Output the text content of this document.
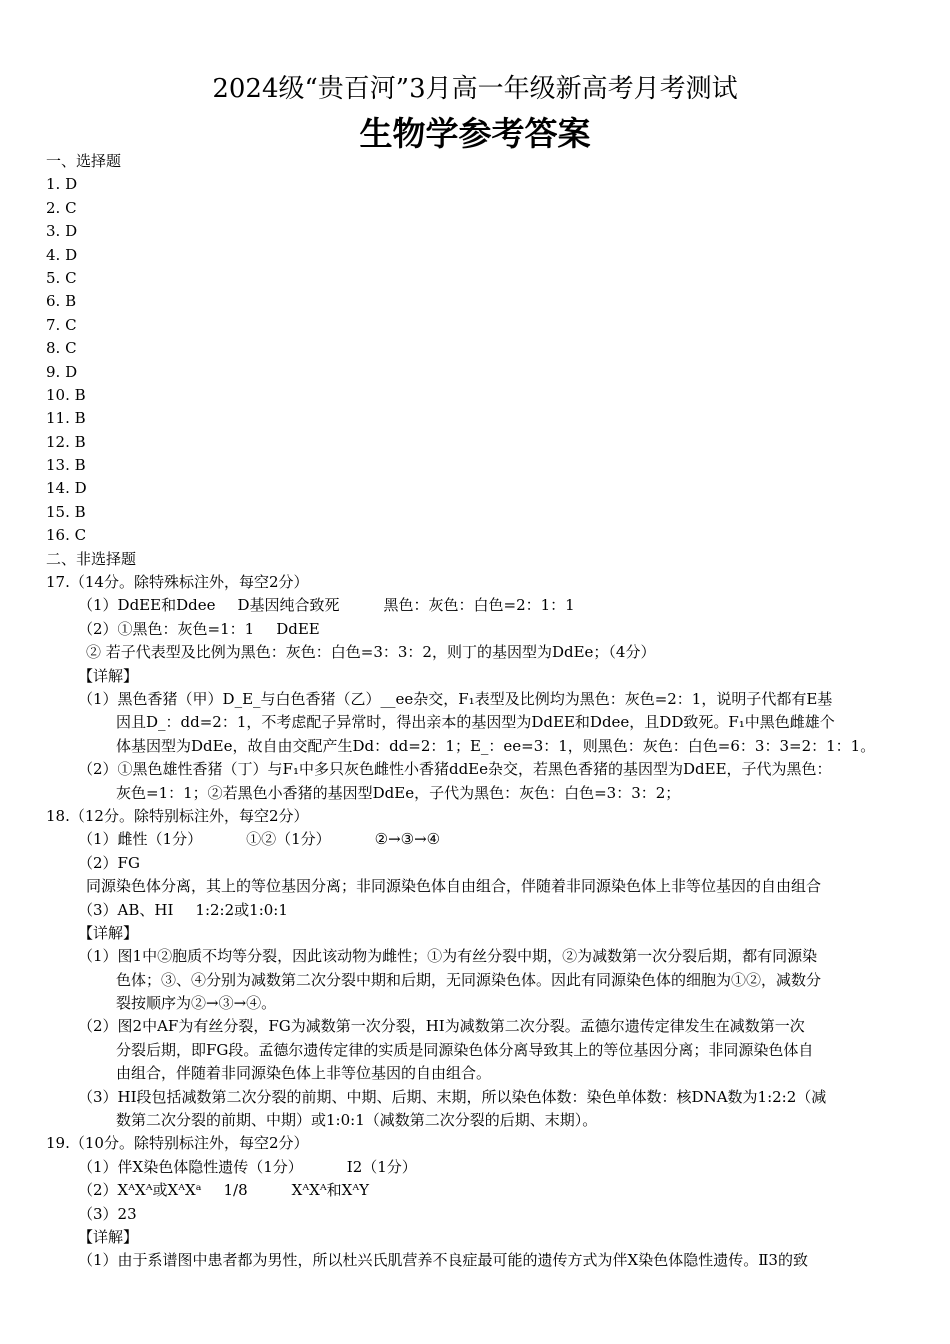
2024级“贵百河”3月高一年级新高考月考测试
生物学参考答案
一、选择题
1. D
2. C
3. D
4. D
5. C
6. B
7. C
8. C
9. D
10. B
11. B
12. B
13. B
14. D
15. B
16. C
二、非选择题
17.（14分。除特殊标注外，每空2分）
（1）DdEE和Ddee D基因纯合致死	黑色：灰色：白色=2：1：1
（2）①黑色：灰色=1：1 DdEE
② 若子代表型及比例为黑色：灰色：白色=3：3：2，则丁的基因型为DdEe；（4分）
【详解】
（1）黑色香猪（甲）D_E_与白色香猪（乙）__ee杂交，F₁表型及比例均为黑色：灰色=2：1，说明子代都有E基
因且D_：dd=2：1，不考虑配子异常时，得出亲本的基因型为DdEE和Ddee，且DD致死。F₁中黑色雌雄个
体基因型为DdEe，故自由交配产生Dd：dd=2：1；E_：ee=3：1，则黑色：灰色：白色=6：3：3=2：1：1。
（2）①黑色雄性香猪（丁）与F₁中多只灰色雌性小香猪ddEe杂交，若黑色香猪的基因型为DdEE，子代为黑色：
灰色=1：1；②若黑色小香猪的基因型DdEe，子代为黑色：灰色：白色=3：3：2；
18.（12分。除特别标注外，每空2分）
（1）雌性（1分）	①②（1分）	②→③→④
（2）FG
同源染色体分离，其上的等位基因分离；非同源染色体自由组合，伴随着非同源染色体上非等位基因的自由组合
（3）AB、HI 1:2:2或1:0:1
【详解】
（1）图1中②胞质不均等分裂，因此该动物为雌性；①为有丝分裂中期，②为减数第一次分裂后期，都有同源染
色体；③、④分别为减数第二次分裂中期和后期，无同源染色体。因此有同源染色体的细胞为①②，减数分
裂按顺序为②→③→④。
（2）图2中AF为有丝分裂，FG为减数第一次分裂，HI为减数第二次分裂。孟德尔遗传定律发生在减数第一次
分裂后期，即FG段。孟德尔遗传定律的实质是同源染色体分离导致其上的等位基因分离；非同源染色体自
由组合，伴随着非同源染色体上非等位基因的自由组合。
（3）HI段包括减数第二次分裂的前期、中期、后期、末期，所以染色体数：染色单体数：核DNA数为1:2:2（减
数第二次分裂的前期、中期）或1:0:1（减数第二次分裂的后期、末期）。
19.（10分。除特别标注外，每空2分）
（1）伴X染色体隐性遗传（1分）	Ⅰ2（1分）
（2）XᴬXᴬ或XᴬXᵃ 1/8	XᴬXᴬ和XᴬY
（3）23
【详解】
（1）由于系谱图中患者都为男性，所以杜兴氏肌营养不良症最可能的遗传方式为伴X染色体隐性遗传。Ⅱ3的致
